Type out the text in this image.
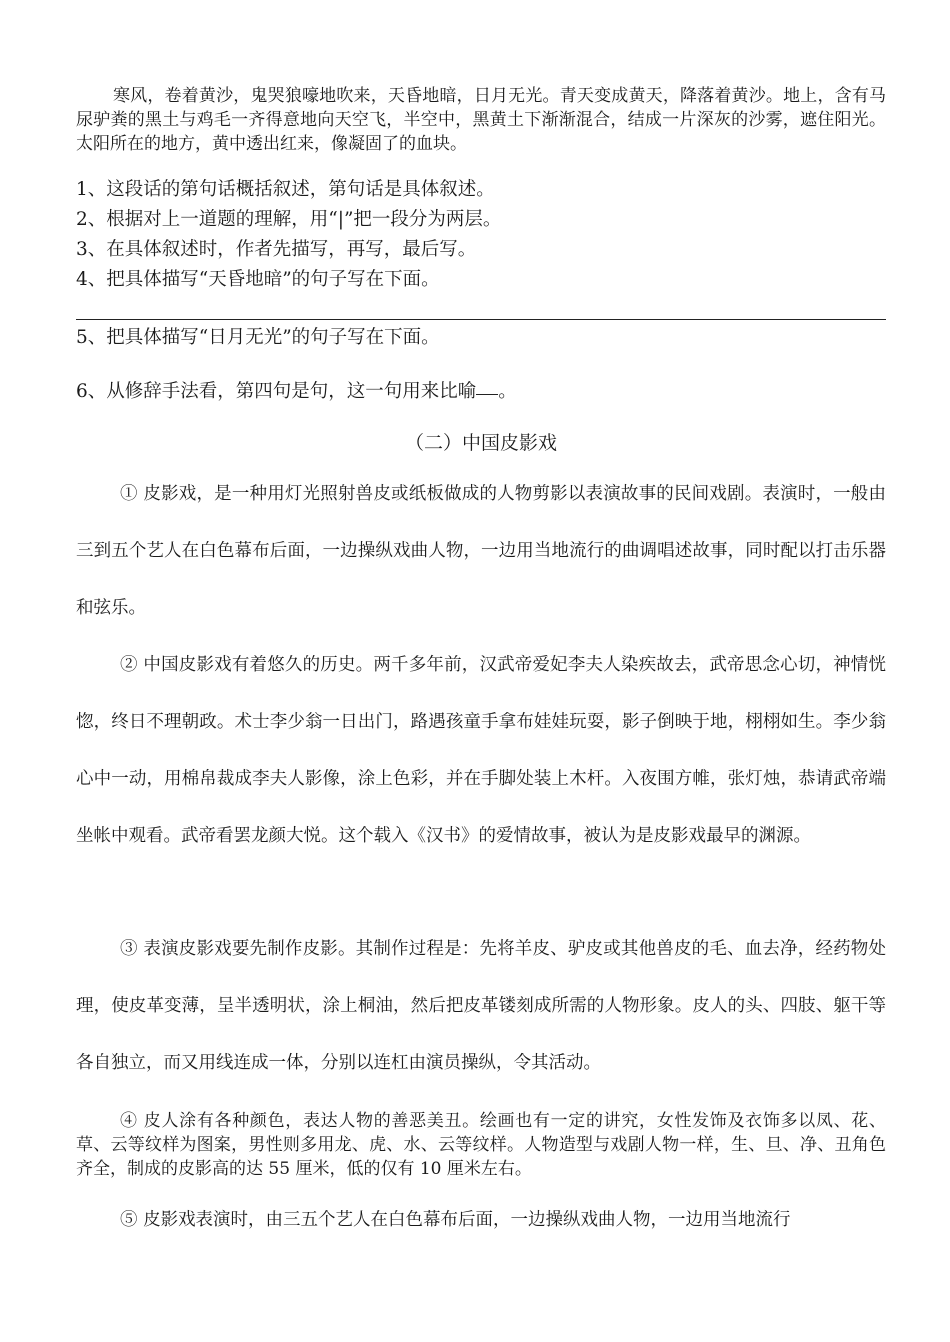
寒风，卷着黄沙，鬼哭狼嚎地吹来，天昏地暗，日月无光。青天变成黄天，降落着黄沙。地上，含有马尿驴粪的黑土与鸡毛一齐得意地向天空飞，半空中，黑黄土下渐渐混合，结成一片深灰的沙雾，遮住阳光。太阳所在的地方，黄中透出红来，像凝固了的血块。

1、这段话的第句话概括叙述，第句话是具体叙述。

2、根据对上一道题的理解，用“|”把一段分为两层。

3、在具体叙述时，作者先描写，再写，最后写。

4、把具体描写“天昏地暗”的句子写在下面。

5、把具体描写“日月无光”的句子写在下面。

6、从修辞手法看，第四句是句，这一句用来比喻 。

（二）中国皮影戏

① 皮影戏，是一种用灯光照射兽皮或纸板做成的人物剪影以表演故事的民间戏剧。表演时，一般由三到五个艺人在白色幕布后面，一边操纵戏曲人物，一边用当地流行的曲调唱述故事，同时配以打击乐器和弦乐。

② 中国皮影戏有着悠久的历史。两千多年前，汉武帝爱妃李夫人染疾故去，武帝思念心切，神情恍惚，终日不理朝政。术士李少翁一日出门，路遇孩童手拿布娃娃玩耍，影子倒映于地，栩栩如生。李少翁心中一动，用棉帛裁成李夫人影像，涂上色彩，并在手脚处装上木杆。入夜围方帷，张灯烛，恭请武帝端坐帐中观看。武帝看罢龙颜大悦。这个载入《汉书》的爱情故事，被认为是皮影戏最早的渊源。

③ 表演皮影戏要先制作皮影。其制作过程是：先将羊皮、驴皮或其他兽皮的毛、血去净，经药物处理，使皮革变薄，呈半透明状，涂上桐油，然后把皮革镂刻成所需的人物形象。皮人的头、四肢、躯干等各自独立，而又用线连成一体，分别以连杠由演员操纵，令其活动。

④ 皮人涂有各种颜色，表达人物的善恶美丑。绘画也有一定的讲究，女性发饰及衣饰多以凤、花、草、云等纹样为图案，男性则多用龙、虎、水、云等纹样。人物造型与戏剧人物一样，生、旦、净、丑角色齐全，制成的皮影高的达 55 厘米，低的仅有 10 厘米左右。

⑤ 皮影戏表演时，由三五个艺人在白色幕布后面，一边操纵戏曲人物，一边用当地流行
